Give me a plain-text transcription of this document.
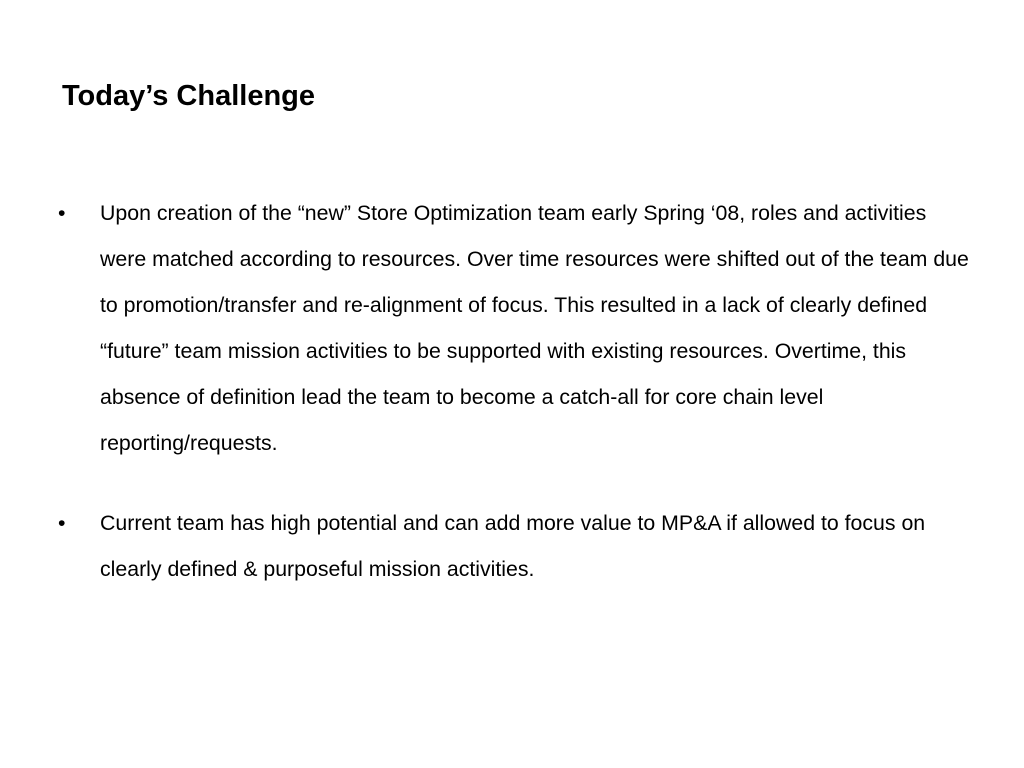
Today’s Challenge
•	Upon creation of the “new” Store Optimization team early Spring ‘08, roles and activities were matched according to resources. Over time resources were shifted out of the team due to promotion/transfer and re-alignment of focus. This resulted in a lack of clearly defined “future” team mission activities to be supported with existing resources. Overtime, this absence of definition lead the team to become a catch-all for core chain level reporting/requests.
•	Current team has high potential and can add more value to MP&A if allowed to focus on clearly defined & purposeful mission activities.
